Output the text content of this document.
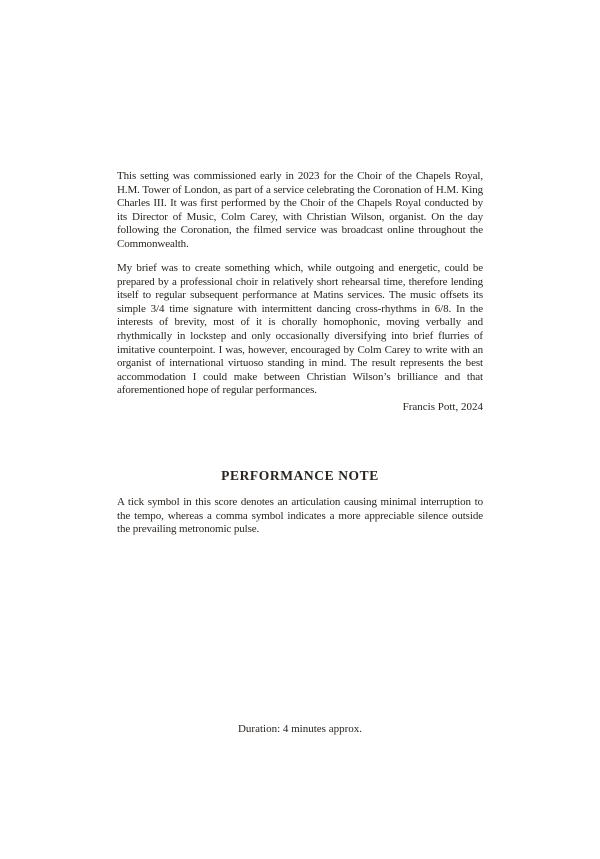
This setting was commissioned early in 2023 for the Choir of the Chapels Royal, H.M. Tower of London, as part of a service celebrating the Coronation of H.M. King Charles III. It was first performed by the Choir of the Chapels Royal conducted by its Director of Music, Colm Carey, with Christian Wilson, organist. On the day following the Coronation, the filmed service was broadcast online throughout the Commonwealth.

My brief was to create something which, while outgoing and energetic, could be prepared by a professional choir in relatively short rehearsal time, therefore lending itself to regular subsequent performance at Matins services. The music offsets its simple 3/4 time signature with intermittent dancing cross-rhythms in 6/8. In the interests of brevity, most of it is chorally homophonic, moving verbally and rhythmically in lockstep and only occasionally diversifying into brief flurries of imitative counterpoint. I was, however, encouraged by Colm Carey to write with an organist of international virtuoso standing in mind. The result represents the best accommodation I could make between Christian Wilson’s brilliance and that aforementioned hope of regular performances.

Francis Pott, 2024

PERFORMANCE NOTE

A tick symbol in this score denotes an articulation causing minimal interruption to the tempo, whereas a comma symbol indicates a more appreciable silence outside the prevailing metronomic pulse.

Duration: 4 minutes approx.
